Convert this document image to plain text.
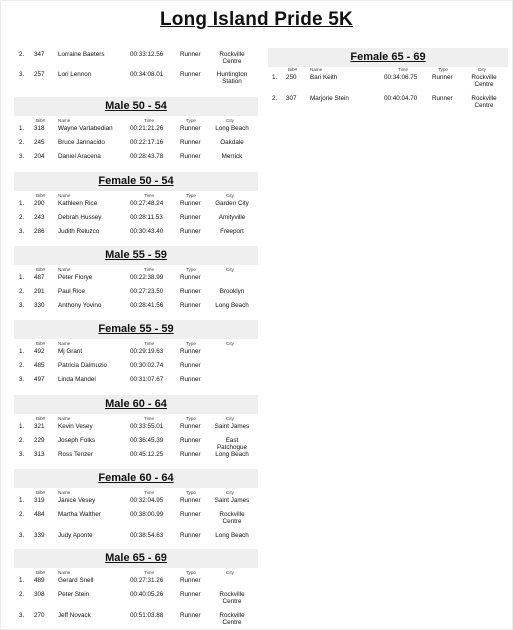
Long Island Pride 5K
2. 347 Lorraine Baeters	00:33:12.56	Runner	Rockville Centre
3. 257 Lori Lennon	00:34:08.01	Runner	Huntington Station
Male 50 - 54
Bib#	Name	Time	Type	City
1. 318 Wayne Vartabedian	00:21:21.26	Runner	Long Beach
2. 245 Bruce Jannacido	00:22:17.16	Runner	Oakdale
3. 204 Daniel Aracena	00:28:43.78	Runner	Merrick
Female 50 - 54
Bib#	Name	Time	Type	City
1. 290 Kathleen Rice	00:27:48.24	Runner	Garden City
2. 243 Debrah Hussey	00:28:11.53	Runner	Amityville
3. 286 Judith Reluzco	00:30:43.40	Runner	Freeport
Male 55 - 59
Bib#	Name	Time	Type	City
1. 487 Peter Florye	00:22:38.99	Runner
2. 291 Paul Rice	00:27:23.50	Runner	Brooklyn
3. 330 Anthony Yovino	00:28:41.56	Runner	Long Beach
Female 55 - 59
Bib#	Name	Time	Type	City
1. 492 Mj Grant	00:29:19.63	Runner
2. 485 Patricia Dalmuzio	00:30:02.74	Runner
3. 497 Linda Mandel	00:31:07.67	Runner
Male 60 - 64
Bib#	Name	Time	Type	City
1. 321 Kevin Vesey	00:33:55.01	Runner	Saint James
2. 229 Joseph Folks	00:36:45.39	Runner	East Patchogue
3. 313 Ross Tenzer	00:45:12.25	Runner	Long Beach
Female 60 - 64
Bib#	Name	Time	Type	City
1. 319 Janice Vesey	00:32:04.95	Runner	Saint James
2. 484 Martha Walther	00:38:00.99	Runner	Rockville Centre
3. 339 Judy Aponte	00:38:54.63	Runner	Long Beach
Male 65 - 69
Bib#	Name	Time	Type	City
1. 489 Gerard Snell	00:27:31.26	Runner
2. 308 Peter Stein	00:40:05.26	Runner	Rockville Centre
3. 270 Jeff Novack	00:51:03.88	Runner	Rockville Centre
Female 65 - 69
Bib#	Name	Time	Type	City
1. 250 Bari Keith	00:34:06.75 Runner	Rockville Centre
2. 307 Marjorie Stein	00:40:04.70 Runner	Rockville Centre
